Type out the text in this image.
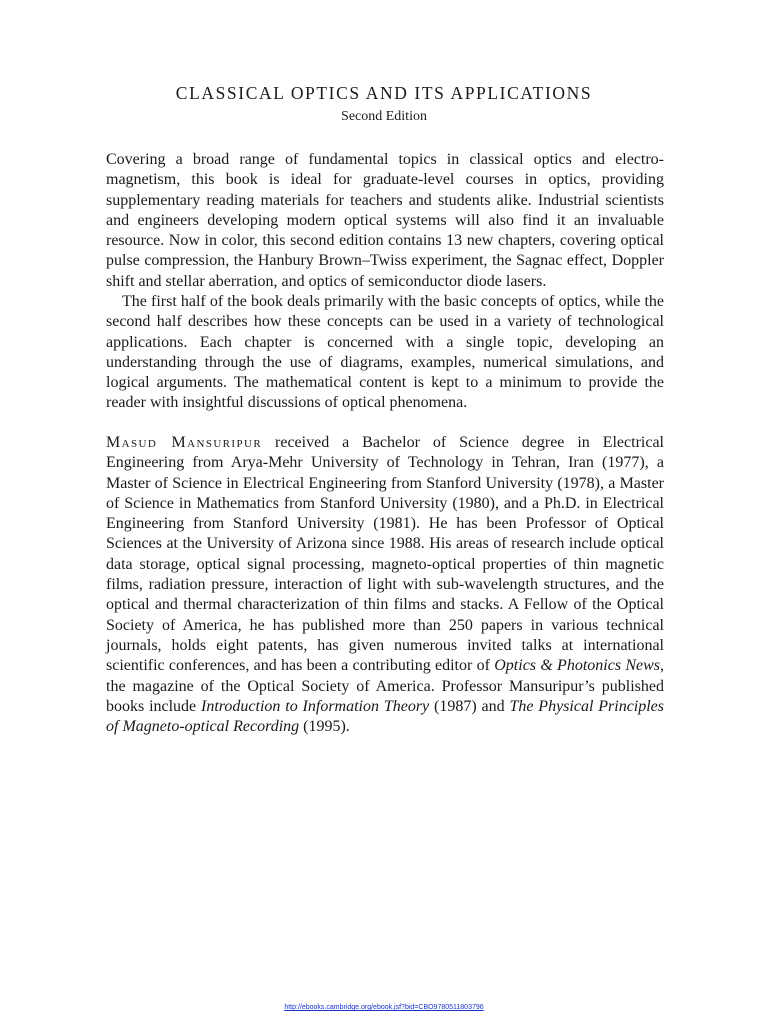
CLASSICAL OPTICS AND ITS APPLICATIONS

Second Edition

Covering a broad range of fundamental topics in classical optics and electro-magnetism, this book is ideal for graduate-level courses in optics, providing supplementary reading materials for teachers and students alike. Industrial scientists and engineers developing modern optical systems will also find it an invaluable resource. Now in color, this second edition contains 13 new chapters, covering optical pulse compression, the Hanbury Brown–Twiss experiment, the Sagnac effect, Doppler shift and stellar aberration, and optics of semiconductor diode lasers.

The first half of the book deals primarily with the basic concepts of optics, while the second half describes how these concepts can be used in a variety of technological applications. Each chapter is concerned with a single topic, developing an understanding through the use of diagrams, examples, numerical simulations, and logical arguments. The mathematical content is kept to a minimum to provide the reader with insightful discussions of optical phenomena.

Masud Mansuripur received a Bachelor of Science degree in Electrical Engineering from Arya-Mehr University of Technology in Tehran, Iran (1977), a Master of Science in Electrical Engineering from Stanford University (1978), a Master of Science in Mathematics from Stanford University (1980), and a Ph.D. in Electrical Engineering from Stanford University (1981). He has been Professor of Optical Sciences at the University of Arizona since 1988. His areas of research include optical data storage, optical signal processing, magneto-optical properties of thin magnetic films, radiation pressure, interaction of light with sub-wavelength structures, and the optical and thermal characterization of thin films and stacks. A Fellow of the Optical Society of America, he has published more than 250 papers in various technical journals, holds eight patents, has given numerous invited talks at international scientific conferences, and has been a contributing editor of Optics & Photonics News, the magazine of the Optical Society of America. Professor Mansuripur’s published books include Introduction to Information Theory (1987) and The Physical Principles of Magneto-optical Recording (1995).

http://ebooks.cambridge.org/ebook.jsf?bid=CBO9780511803796
